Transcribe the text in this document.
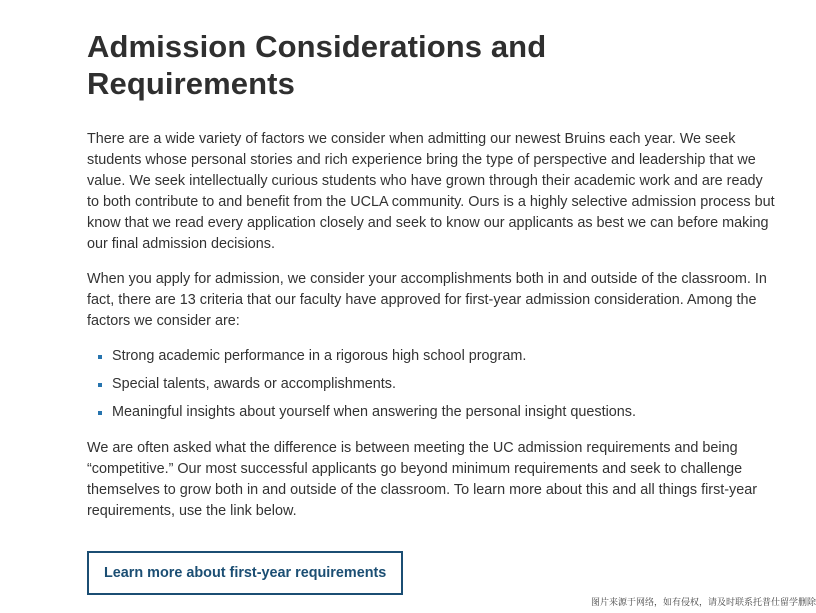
Admission Considerations and
Requirements

There are a wide variety of factors we consider when admitting our newest Bruins each year. We seek students whose personal stories and rich experience bring the type of perspective and leadership that we value. We seek intellectually curious students who have grown through their academic work and are ready to both contribute to and benefit from the UCLA community. Ours is a highly selective admission process but know that we read every application closely and seek to know our applicants as best we can before making our final admission decisions.

When you apply for admission, we consider your accomplishments both in and outside of the classroom. In fact, there are 13 criteria that our faculty have approved for first-year admission consideration. Among the factors we consider are:

Strong academic performance in a rigorous high school program.
Special talents, awards or accomplishments.
Meaningful insights about yourself when answering the personal insight questions.

We are often asked what the difference is between meeting the UC admission requirements and being “competitive.” Our most successful applicants go beyond minimum requirements and seek to challenge themselves to grow both in and outside of the classroom. To learn more about this and all things first-year requirements, use the link below.

Learn more about first-year requirements
图片来源于网络，如有侵权，请及时联系托普仕留学删除
